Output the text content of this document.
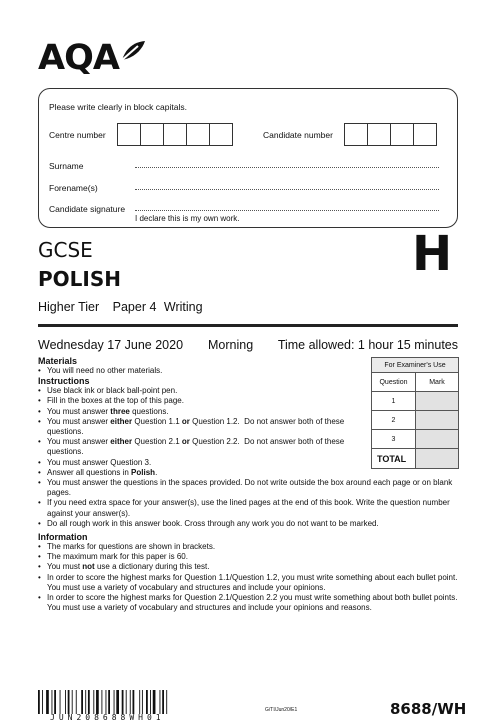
AQA
Please write clearly in block capitals.
Centre number	Candidate number
Surname
Forename(s)
Candidate signature
I declare this is my own work.
GCSE
POLISH	H
Higher Tier Paper 4 Writing
Wednesday 17 June 2020 Morning Time allowed: 1 hour 15 minutes
For Examiner's Use
Question	Mark
1
2
3
TOTAL
Materials
• You will need no other materials.
Instructions
• Use black ink or black ball-point pen.
• Fill in the boxes at the top of this page.
• You must answer three questions.
• You must answer either Question 1.1 or Question 1.2.  Do not answer both of these questions.
• You must answer either Question 2.1 or Question 2.2.  Do not answer both of these questions.
• You must answer Question 3.
• Answer all questions in Polish.
• You must answer the questions in the spaces provided. Do not write outside the box around each page or on blank pages.
• If you need extra space for your answer(s), use the lined pages at the end of this book. Write the question number against your answer(s).
• Do all rough work in this answer book. Cross through any work you do not want to be marked.
Information
• The marks for questions are shown in brackets.
• The maximum mark for this paper is 60.
• You must not use a dictionary during this test.
• In order to score the highest marks for Question 1.1/Question 1.2, you must write something about each bullet point. You must use a variety of vocabulary and structures and include your opinions.
• In order to score the highest marks for Question 2.1/Question 2.2 you must write something about both bullet points. You must use a variety of vocabulary and structures and include your opinions and reasons.
JUN208688WH01
G/TI/Jun20/E1	8688/WH
